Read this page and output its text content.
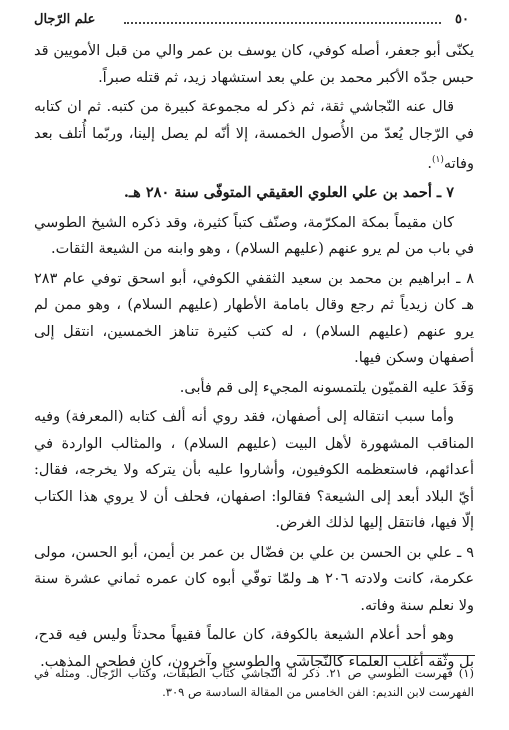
٥٠
علم الرّجال

يكنّى أبو جعفر، أصله كوفي، كان يوسف بن عمر والي من قبل الأمويين قد حبس جدّه الأكبر محمد بن علي بعد استشهاد زيد، ثم قتله صبراً.

قال عنه النّجاشي ثقة، ثم ذكر له مجموعة كبيرة من كتبه. ثم ان كتابه في الرّجال يُعدّ من الأُصول الخمسة، إلا أنّه لم يصل إلينا، وربّما أُتلف بعد وفاته$^{(١)}$.

٧ ـ أحمد بن علي العلوي العقيقي المتوفّى سنة ٢٨٠ هـ.

كان مقيماً بمكة المكرّمة، وصنّف كتباً كثيرة، وقد ذكره الشيخ الطوسي في باب من لم يرو عنهم (عليهم السلام) ، وهو وابنه من الشيعة الثقات.

٨ ـ ابراهيم بن محمد بن سعيد الثقفي الكوفي، أبو اسحق توفي عام ٢٨٣ هـ كان زيدياً ثم رجع وقال بامامة الأطهار (عليهم السلام) ، وهو ممن لم يرو عنهم (عليهم السلام) ، له كتب كثيرة تناهز الخمسين، انتقل إلى أصفهان وسكن فيها.

وَفَدَ عليه القميّون يلتمسونه المجيء إلى قم فأبى.

وأما سبب انتقاله إلى أصفهان، فقد روي أنه ألف كتابه (المعرفة) وفيه المناقب المشهورة لأهل البيت (عليهم السلام) ، والمثالب الواردة في أعدائهم، فاستعظمه الكوفيون، وأشاروا عليه بأن يتركه ولا يخرجه، فقال: أيّ البلاد أبعد إلى الشيعة؟ فقالوا: اصفهان، فحلف أن لا يروي هذا الكتاب إلّا فيها، فانتقل إليها لذلك الغرض.

٩ ـ علي بن الحسن بن علي بن فضّال بن عمر بن أيمن، أبو الحسن، مولى عكرمة، كانت ولادته ٢٠٦ هـ ولمّا توفّي أبوه كان عمره ثماني عشرة سنة ولا نعلم سنة وفاته.

وهو أحد أعلام الشيعة بالكوفة، كان عالماً فقيهاً محدثاً وليس فيه قدح، بل وثّقه أغلب العلماء كالنّجاشي والطوسي وآخرون، كان فطحي المذهب.

(١) فهرست الطوسي ص ٢١. ذكر له النّجاشي كتاب الطبقات، وكتاب الرّجال. ومثله في الفهرست لابن النديم: الفن الخامس من المقالة السادسة ص ٣٠٩.
